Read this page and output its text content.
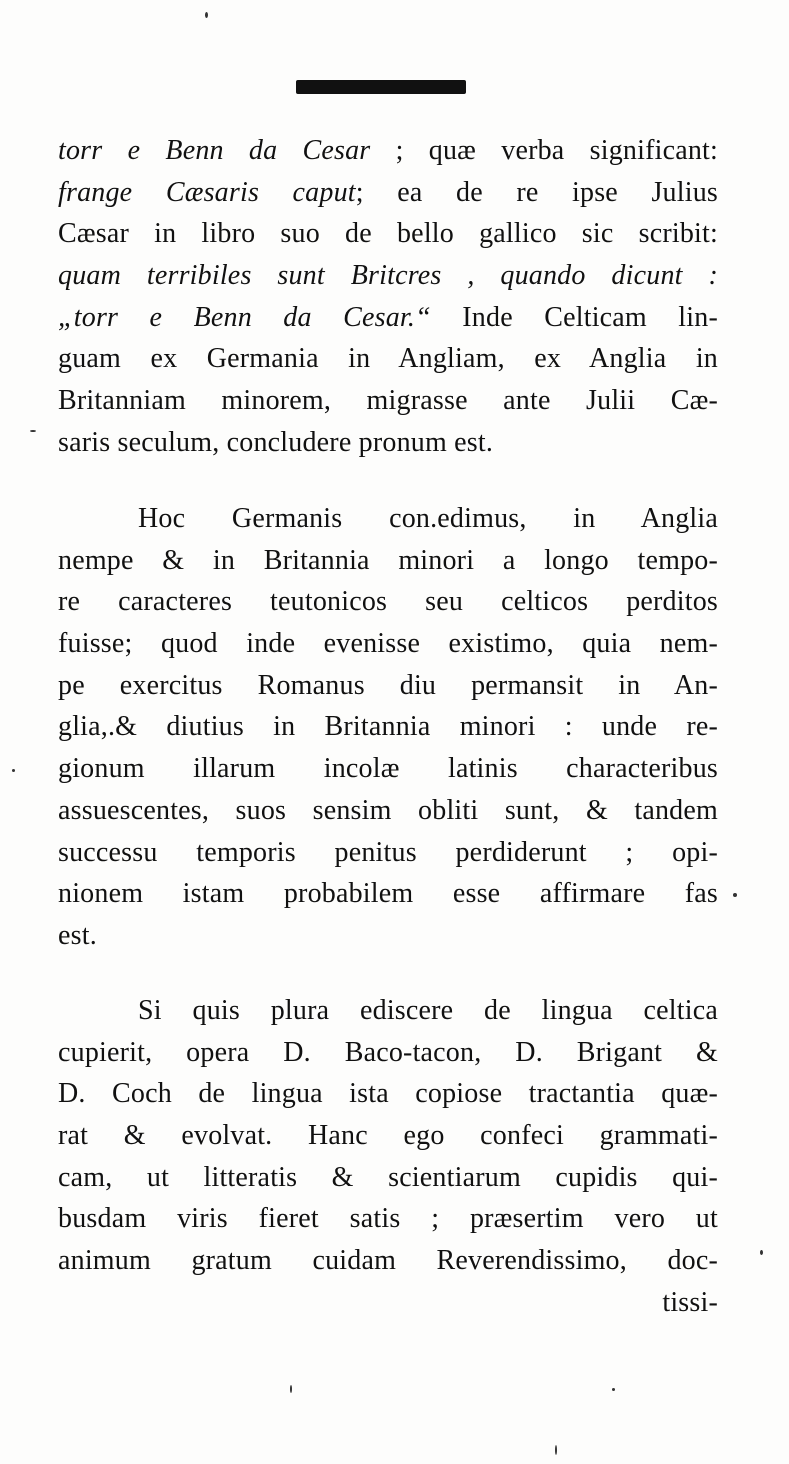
torr e Benn da Cesar ; quæ verba significant:
frange Cæsaris caput; ea de re ipse Julius
Cæsar in libro suo de bello gallico sic scribit:
quam terribiles sunt Britcres , quando dicunt :
„torr e Benn da Cesar.“ Inde Celticam lin-
guam ex Germania in Angliam, ex Anglia in
Britanniam minorem, migrasse ante Julii Cæ-
saris seculum, concludere pronum est.
Hoc Germanis con.edimus, in Anglia
nempe & in Britannia minori a longo tempo-
re caracteres teutonicos seu celticos perditos
fuisse; quod inde evenisse existimo, quia nem-
pe exercitus Romanus diu permansit in An-
glia,.& diutius in Britannia minori : unde re-
gionum illarum incolæ latinis characteribus
assuescentes, suos sensim obliti sunt, & tandem
successu temporis penitus perdiderunt ; opi-
nionem istam probabilem esse affirmare fas
est.
Si quis plura ediscere de lingua celtica
cupierit, opera D. Baco-tacon, D. Brigant &
D. Coch de lingua ista copiose tractantia quæ-
rat & evolvat. Hanc ego confeci grammati-
cam, ut litteratis & scientiarum cupidis qui-
busdam viris fieret satis ; præsertim vero ut
animum gratum cuidam Reverendissimo, doc-
tissi-
